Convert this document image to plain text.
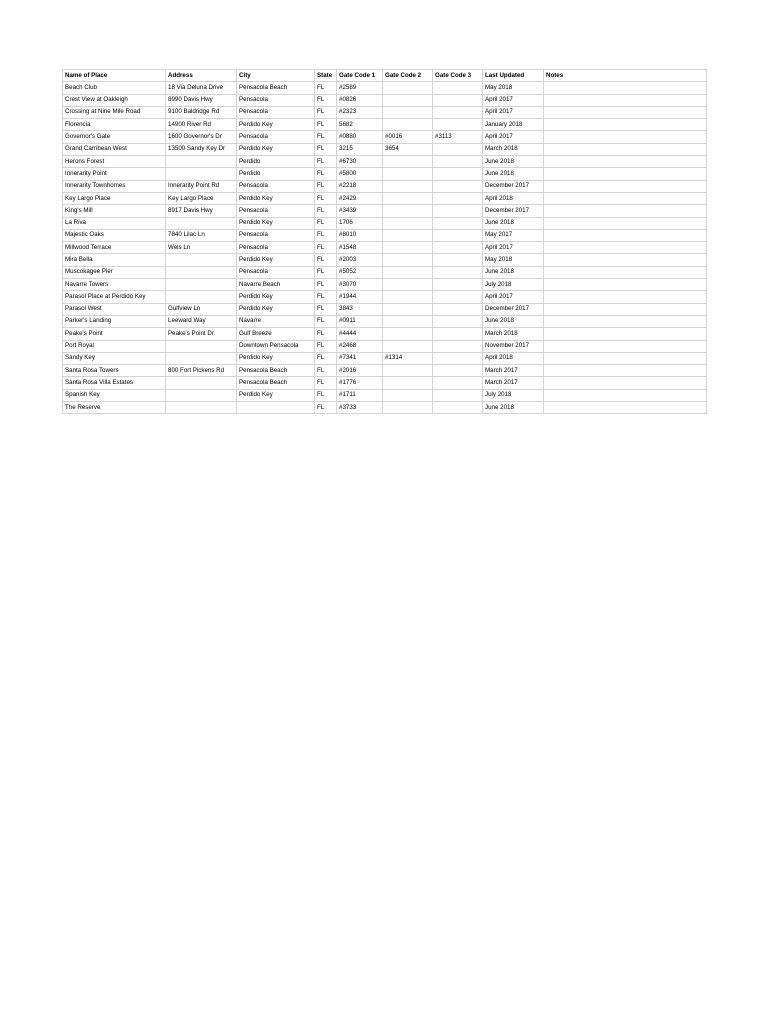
Name of Place	Address	City	State	Gate Code 1	Gate Code 2	Gate Code 3	Last Updated	Notes
Beach Club	18 Via Deluna Drive	Pensacola Beach	FL	#2589			May 2018	
Crest View at Oakleigh	8990 Davis Hwy	Pensacola	FL	#0826			April 2017	
Crossing at Nine Mile Road	9100 Baldridge Rd	Pensacola	FL	#2323			April 2017	
Florencia	14900 River Rd	Perdido Key	FL	5682			January 2018	
Governor's Gate	1600 Governor's Dr	Pensacola	FL	#0880	#0016	#3113	April 2017	
Grand Carribean West	13500 Sandy Key Dr	Perdido Key	FL	3215	3654		March 2018	
Herons Forest		Perdido	FL	#6730			June 2018	
Innerarity Point		Perdido	FL	#5800			June 2018	
Innerarity Townhomes	Innerarity Point Rd	Pensacola	FL	#2218			December 2017	
Key Largo Place	Key Largo Place	Perdido Key	FL	#2429			April 2018	
King's Mill	8917 Davis Hwy	Pensacola	FL	#3439			December 2017	
La Riva		Perdido Key	FL	1706			June 2018	
Majestic Oaks	7840 Lilac Ln	Pensacola	FL	#8010			May 2017	
Millwood Terrace	Wels Ln	Pensacola	FL	#1548			April 2017	
Mira Bella		Perdido Key	FL	#2003			May 2018	
Muscokagee Pier		Pensacola	FL	#5052			June 2018	
Navarre Towers		Navarre Beach	FL	#3070			July 2018	
Parasol Place at Perdido Key		Perdido Key	FL	#1944			April 2017	
Parasol West	Gulfview Ln	Perdido Key	FL	3843			December 2017	
Parker's Landing	Leeward Way	Navarre	FL	#0911			June 2018	
Peake's Point	Peake's Point Dr	Gulf Breeze	FL	#4444			March 2018	
Port Royal		Downtown Pensacola	FL	#2468			November 2017	
Sandy Key		Perdido Key	FL	#7341	#1314		April 2018	
Santa Rosa Towers	800 Fort Pickens Rd	Pensacola Beach	FL	#2016			March 2017	
Santa Rosa Villa Estates		Pensacola Beach	FL	#1776			March 2017	
Spanish Key		Perdido Key	FL	#1711			July 2018	
The Reserve			FL	#3733			June 2018	
